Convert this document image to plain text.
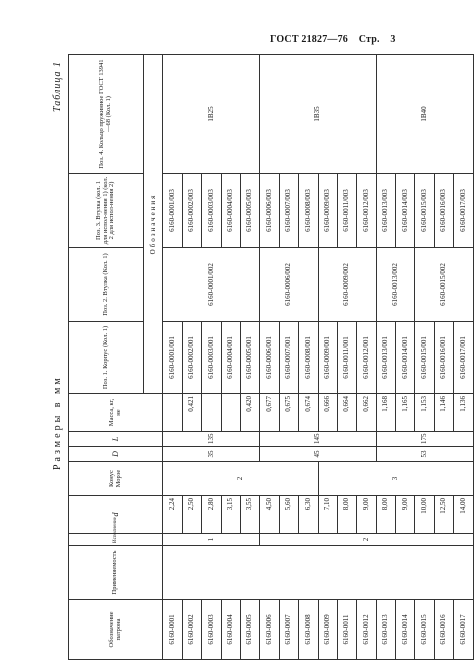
ГОСТ 21827—76 Стр. 3
Размеры в мм
Таблица 1
Обозначение патрона	Применяемость	Исполнение	d	Конус Морзе	D	L	Масса, кг, не	Поз. 1. Корпус (Кол. 1)	Поз. 2. Втулка (Кол. 1)	Поз. 3. Втулка (кол. 1 для испол-нения 1) (кол. 2 для испол-нения 2)	Поз. 4. Кольцо пружинное ГОСТ 13941—68 (Кол. 1)
								Обозначения			
6160-0001		1	2,24	2	35	135		6160-0001/001	6160-0001/002	6160-0001/003	1B25
6160-0002			2,50				0,421	6160-0002/001		6160-0002/003	
6160-0003			2,80					6160-0003/001		6160-0003/003	
6160-0004			3,15					6160-0004/001		6160-0004/003	
6160-0005			3,55				0,420	6160-0005/001		6160-0005/003	
6160-0006		2	4,50		45	145	0,677	6160-0006/001	6160-0006/002	6160-0006/003	1B35
6160-0007			5,60				0,675	6160-0007/001		6160-0007/003	
6160-0008			6,30				0,674	6160-0008/001		6160-0008/003	
6160-0009			7,10	3			0,666	6160-0009/001	6160-0009/002	6160-0009/003	
6160-0011			8,00				0,664	6160-0011/001		6160-0011/003	
6160-0012			9,00				0,662	6160-0012/001		6160-0012/003	
6160-0013			8,00		53	175	1,168	6160-0013/001	6160-0013/002	6160-0013/003	1B40
6160-0014			9,00				1,165	6160-0014/001		6160-0014/003	
6160-0015			10,00				1,153	6160-0015/001	6160-0015/002	6160-0015/003	
6160-0016			12,50				1,146	6160-0016/001		6160-0016/003	
6160-0017			14,00				1,136	6160-0017/001		6160-0017/003	
